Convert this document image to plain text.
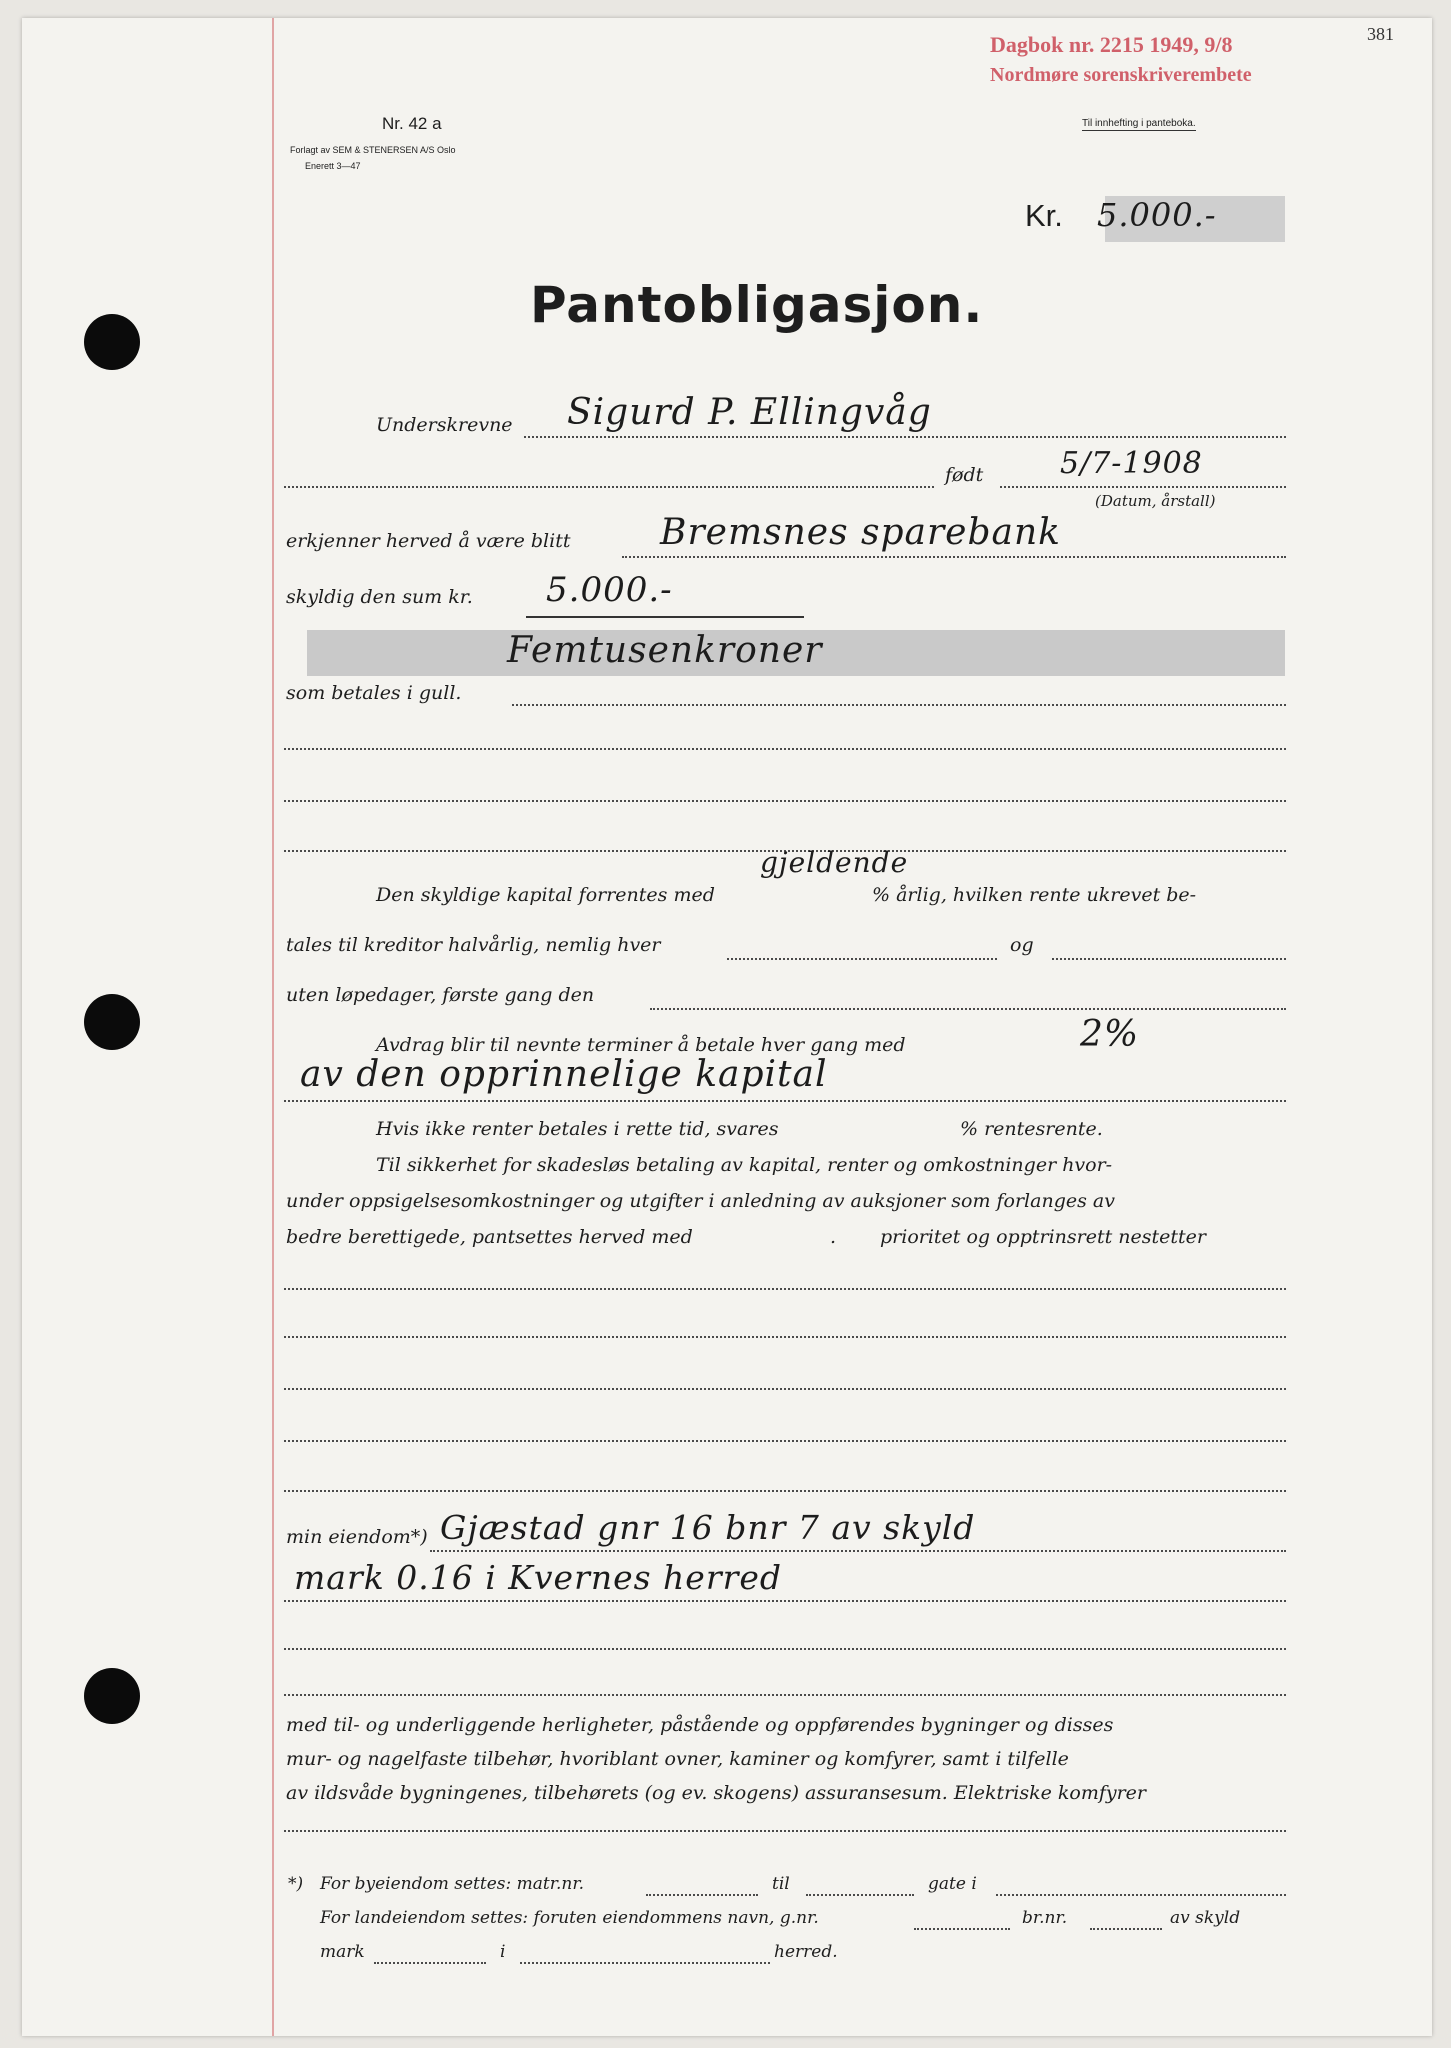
Dagbok nr. 2215 1949, 9/8
Nordmøre sorenskriverembete
381
Nr. 42 a
Forlagt av SEM & STENERSEN A/S Oslo
Enerett 3—47
Til innhefting i panteboka.
Kr. 5.000.-
Pantobligasjon.
Underskrevne Sigurd P. Ellingvåg
født	5/7-1908
(Datum, årstall)
erkjenner herved å være blitt Bremsnes sparebank
skyldig den sum kr. 5.000.-
Femtusenkroner
som betales i gull.
gjeldende
Den skyldige kapital forrentes med	% årlig, hvilken rente ukrevet be-
tales til kreditor halvårlig, nemlig hver	og
uten løpedager, første gang den
Avdrag blir til nevnte terminer å betale hver gang med	2%
av den opprinnelige kapital
Hvis ikke renter betales i rette tid, svares	% rentesrente.
Til sikkerhet for skadesløs betaling av kapital, renter og omkostninger hvor-
under oppsigelsesomkostninger og utgifter i anledning av auksjoner som forlanges av
bedre berettigede, pantsettes herved med	. prioritet og opptrinsrett nestetter
min eiendom*) Gjæstad gnr 16 bnr 7 av skyld
mark 0.16 i Kvernes herred
med til- og underliggende herligheter, påstående og oppførendes bygninger og disses
mur- og nagelfaste tilbehør, hvoriblant ovner, kaminer og komfyrer, samt i tilfelle
av ildsvåde bygningenes, tilbehørets (og ev. skogens) assuransesum. Elektriske komfyrer
*) For byeiendom settes: matr.nr.	til	gate i
For landeiendom settes: foruten eiendommens navn, g.nr.	br.nr.	av skyld
mark	i	herred.
